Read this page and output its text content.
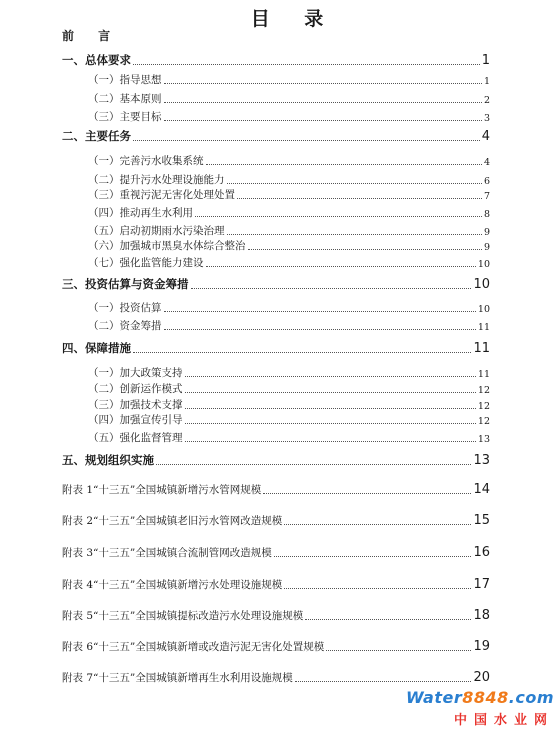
目 录
前 言
一、总体要求	1
（一）指导思想	1
（二）基本原则	2
（三）主要目标	3
二、主要任务	4
（一）完善污水收集系统	4
（二）提升污水处理设施能力	6
（三）重视污泥无害化处理处置	7
（四）推动再生水利用	8
（五）启动初期雨水污染治理	9
（六）加强城市黑臭水体综合整治	9
（七）强化监管能力建设	10
三、投资估算与资金筹措	10
（一）投资估算	10
（二）资金筹措	11
四、保障措施	11
（一）加大政策支持	11
（二）创新运作模式	12
（三）加强技术支撑	12
（四）加强宣传引导	12
（五）强化监督管理	13
五、规划组织实施	13
附表 1“十三五”全国城镇新增污水管网规模	14
附表 2“十三五”全国城镇老旧污水管网改造规模	15
附表 3“十三五”全国城镇合流制管网改造规模	16
附表 4“十三五”全国城镇新增污水处理设施规模	17
附表 5“十三五”全国城镇提标改造污水处理设施规模	18
附表 6“十三五”全国城镇新增或改造污泥无害化处置规模	19
附表 7“十三五”全国城镇新增再生水利用设施规模	20
Water8848.com
中国水业网
